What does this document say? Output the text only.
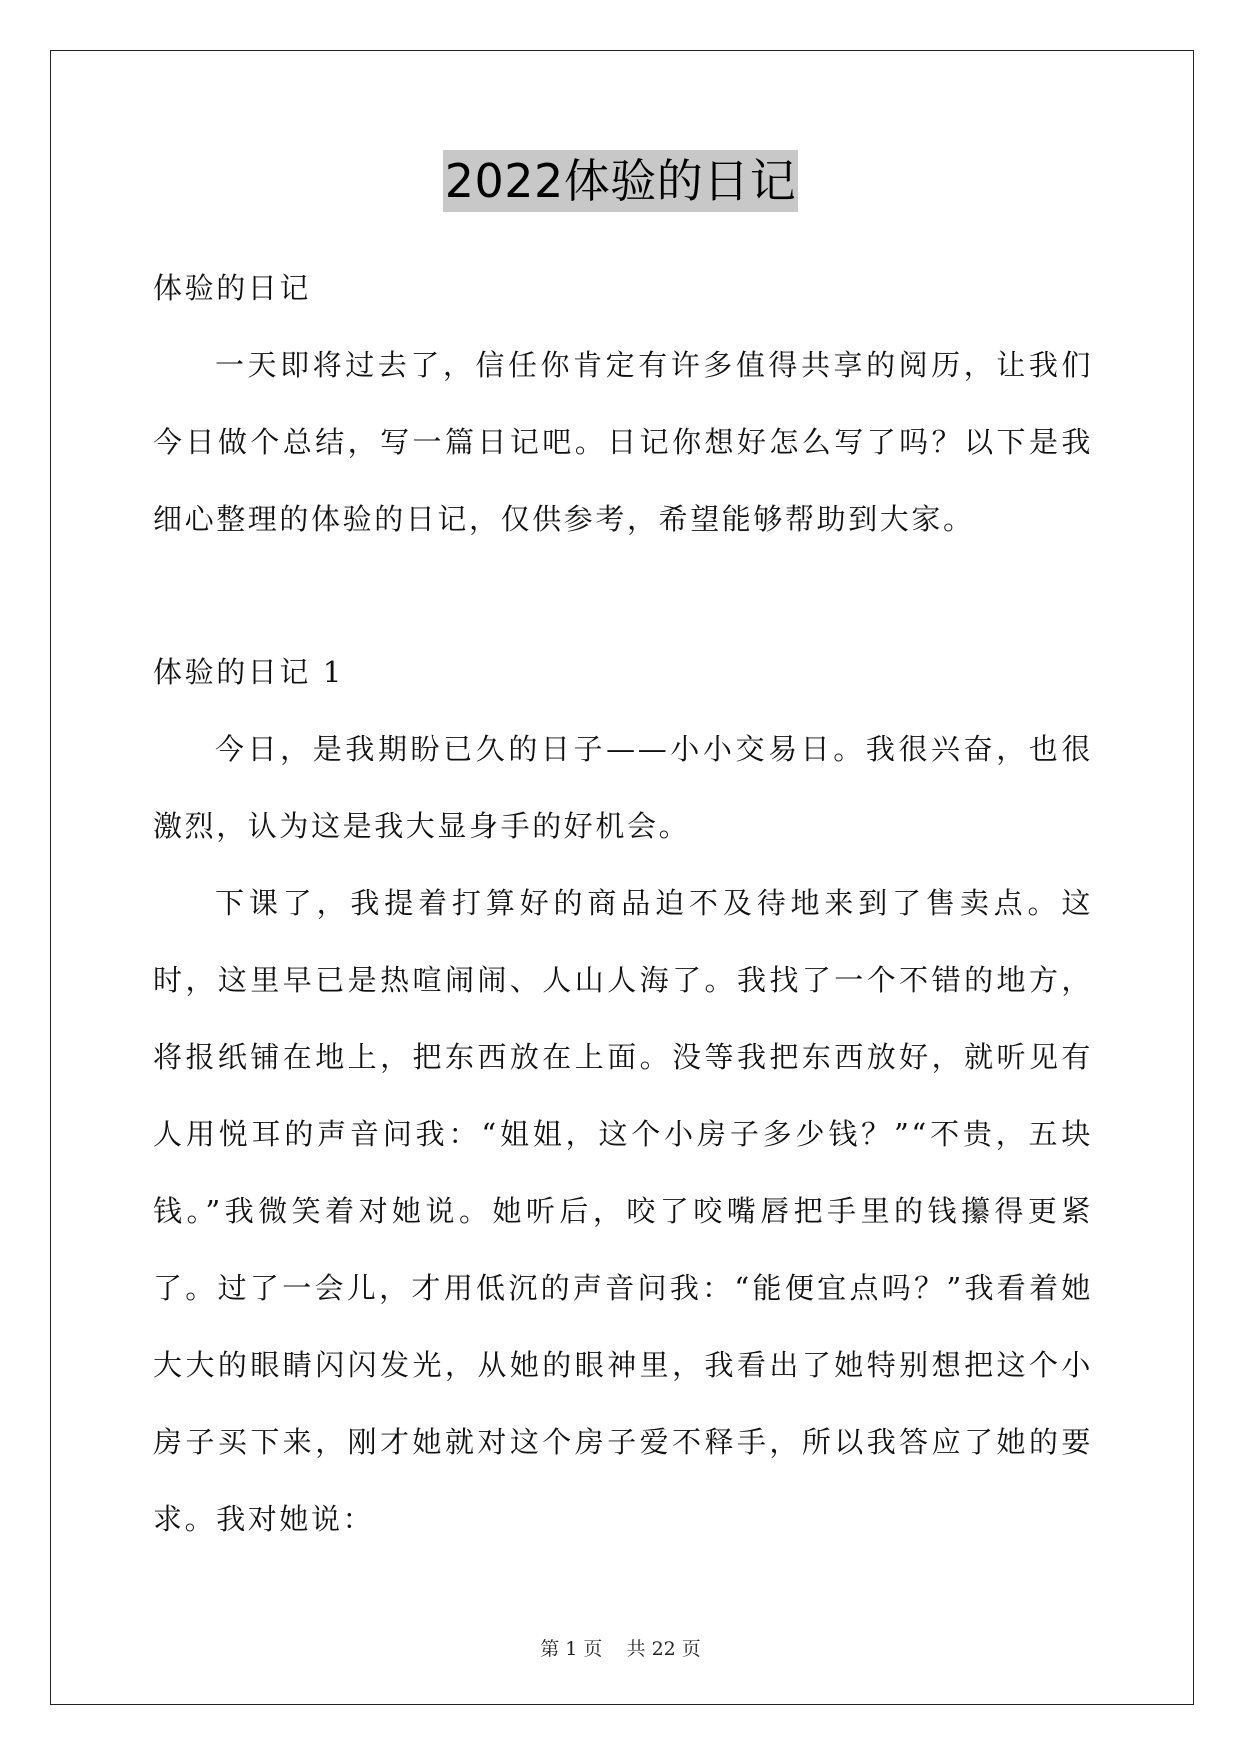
2022体验的日记

体验的日记

一天即将过去了，信任你肯定有许多值得共享的阅历，让我们今日做个总结，写一篇日记吧。日记你想好怎么写了吗？以下是我细心整理的体验的日记，仅供参考，希望能够帮助到大家。

体验的日记 1

今日，是我期盼已久的日子——小小交易日。我很兴奋，也很激烈，认为这是我大显身手的好机会。

下课了，我提着打算好的商品迫不及待地来到了售卖点。这时，这里早已是热喧闹闹、人山人海了。我找了一个不错的地方，将报纸铺在地上，把东西放在上面。没等我把东西放好，就听见有人用悦耳的声音问我：“姐姐，这个小房子多少钱？”“不贵，五块钱。”我微笑着对她说。她听后，咬了咬嘴唇把手里的钱攥得更紧了。过了一会儿，才用低沉的声音问我：“能便宜点吗？”我看着她大大的眼睛闪闪发光，从她的眼神里，我看出了她特别想把这个小房子买下来，刚才她就对这个房子爱不释手，所以我答应了她的要求。我对她说：

第 1 页    共 22 页
